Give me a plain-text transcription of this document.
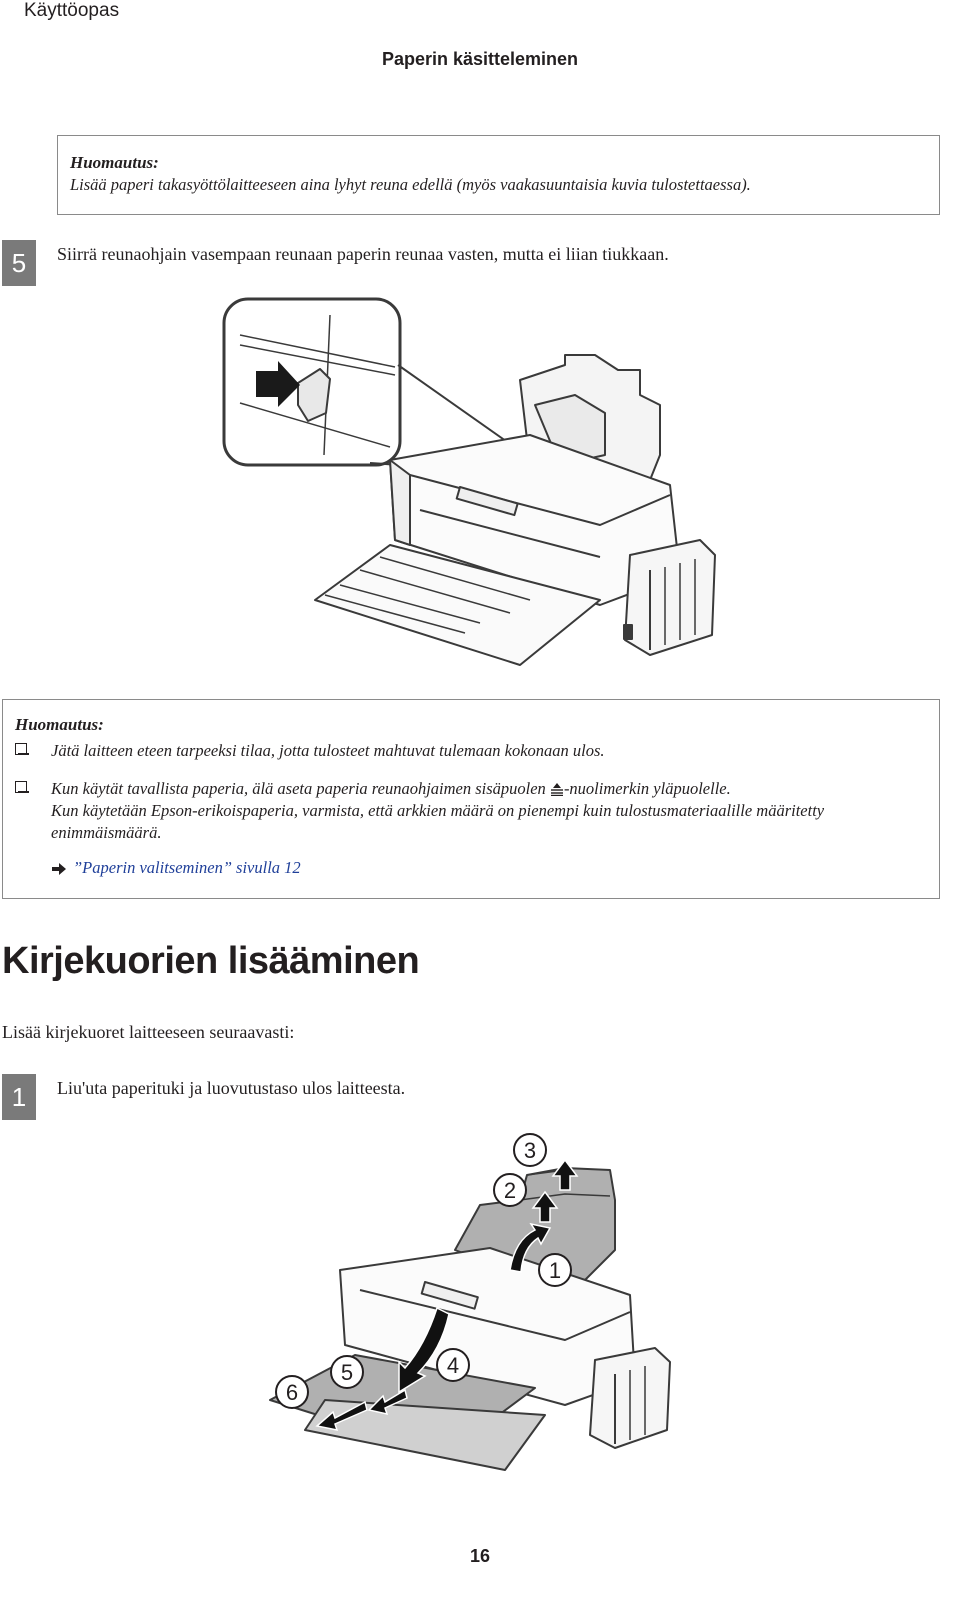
Käyttöopas
Paperin käsitteleminen
Huomautus:
Lisää paperi takasyöttölaitteeseen aina lyhyt reuna edellä (myös vaakasuuntaisia kuvia tulostettaessa).
5	Siirrä reunaohjain vasempaan reunaan paperin reunaa vasten, mutta ei liian tiukkaan.
Huomautus:
Jätä laitteen eteen tarpeeksi tilaa, jotta tulosteet mahtuvat tulemaan kokonaan ulos.
Kun käytät tavallista paperia, älä aseta paperia reunaohjaimen sisäpuolen -nuolimerkin yläpuolelle.
Kun käytetään Epson-erikoispaperia, varmista, että arkkien määrä on pienempi kuin tulostusmateriaalille määritetty enimmäismäärä.
”Paperin valitseminen” sivulla 12
Kirjekuorien lisääminen
Lisää kirjekuoret laitteeseen seuraavasti:
1	Liu'uta paperituki ja luovutustaso ulos laitteesta.
3
2
1
4
5
6
16
